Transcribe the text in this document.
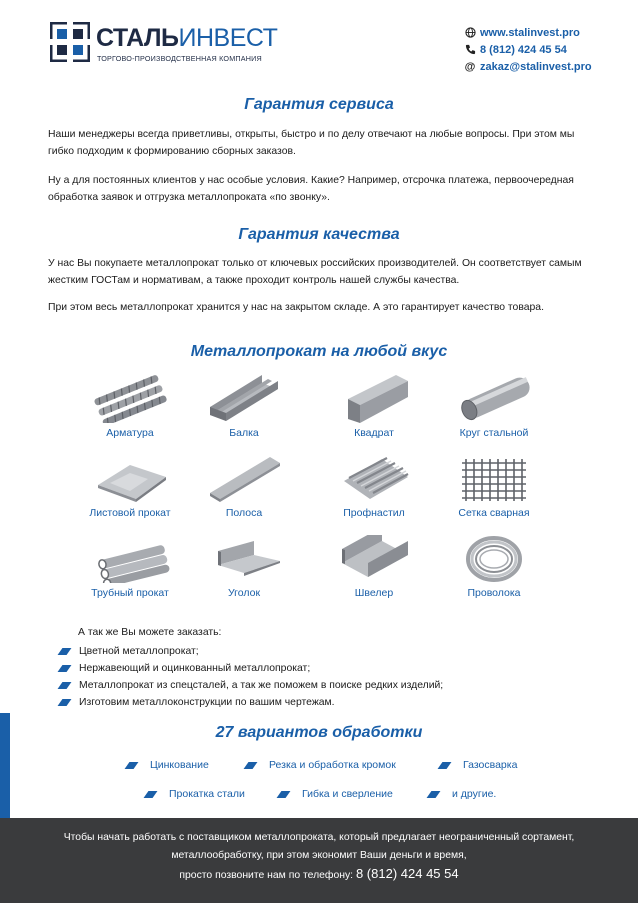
СТАЛЬИНВЕСТ
ТОРГОВО-ПРОИЗВОДСТВЕННАЯ КОМПАНИЯ
www.stalinvest.pro
8 (812) 424 45 54
@ zakaz@stalinvest.pro
Гарантия сервиса
Наши менеджеры всегда приветливы, открыты, быстро и по делу отвечают на любые вопросы. При этом мы гибко подходим к формированию сборных заказов.
Ну а для постоянных клиентов у нас особые условия. Какие? Например, отсрочка платежа, первоочередная обработка заявок и отгрузка металлопроката «по звонку».
Гарантия качества
У нас Вы покупаете металлопрокат только от ключевых российских производителей. Он соответствует самым жестким ГОСТам и нормативам, а также проходит контроль нашей службы качества.
При этом весь металлопрокат хранится у нас на закрытом складе. А это гарантирует качество товара.
Металлопрокат на любой вкус
Арматура	Балка	Квадрат	Круг стальной
Листовой прокат	Полоса	Профнастил	Сетка сварная
Трубный прокат	Уголок	Швелер	Проволока
А так же Вы можете заказать:
Цветной металлопрокат;
Нержавеющий и оцинкованный металлопрокат;
Металлопрокат из спецсталей, а так же поможем в поиске редких изделий;
Изготовим металлоконструкции по вашим чертежам.
27 вариантов обработки
Цинкование	Резка и обработка кромок	Газосварка
Прокатка стали	Гибка и сверление	и другие.
Чтобы начать работать с поставщиком металлопроката, который предлагает неограниченный сортамент,
металлообработку, при этом экономит Ваши деньги и время,
просто позвоните нам по телефону: 8 (812) 424 45 54
